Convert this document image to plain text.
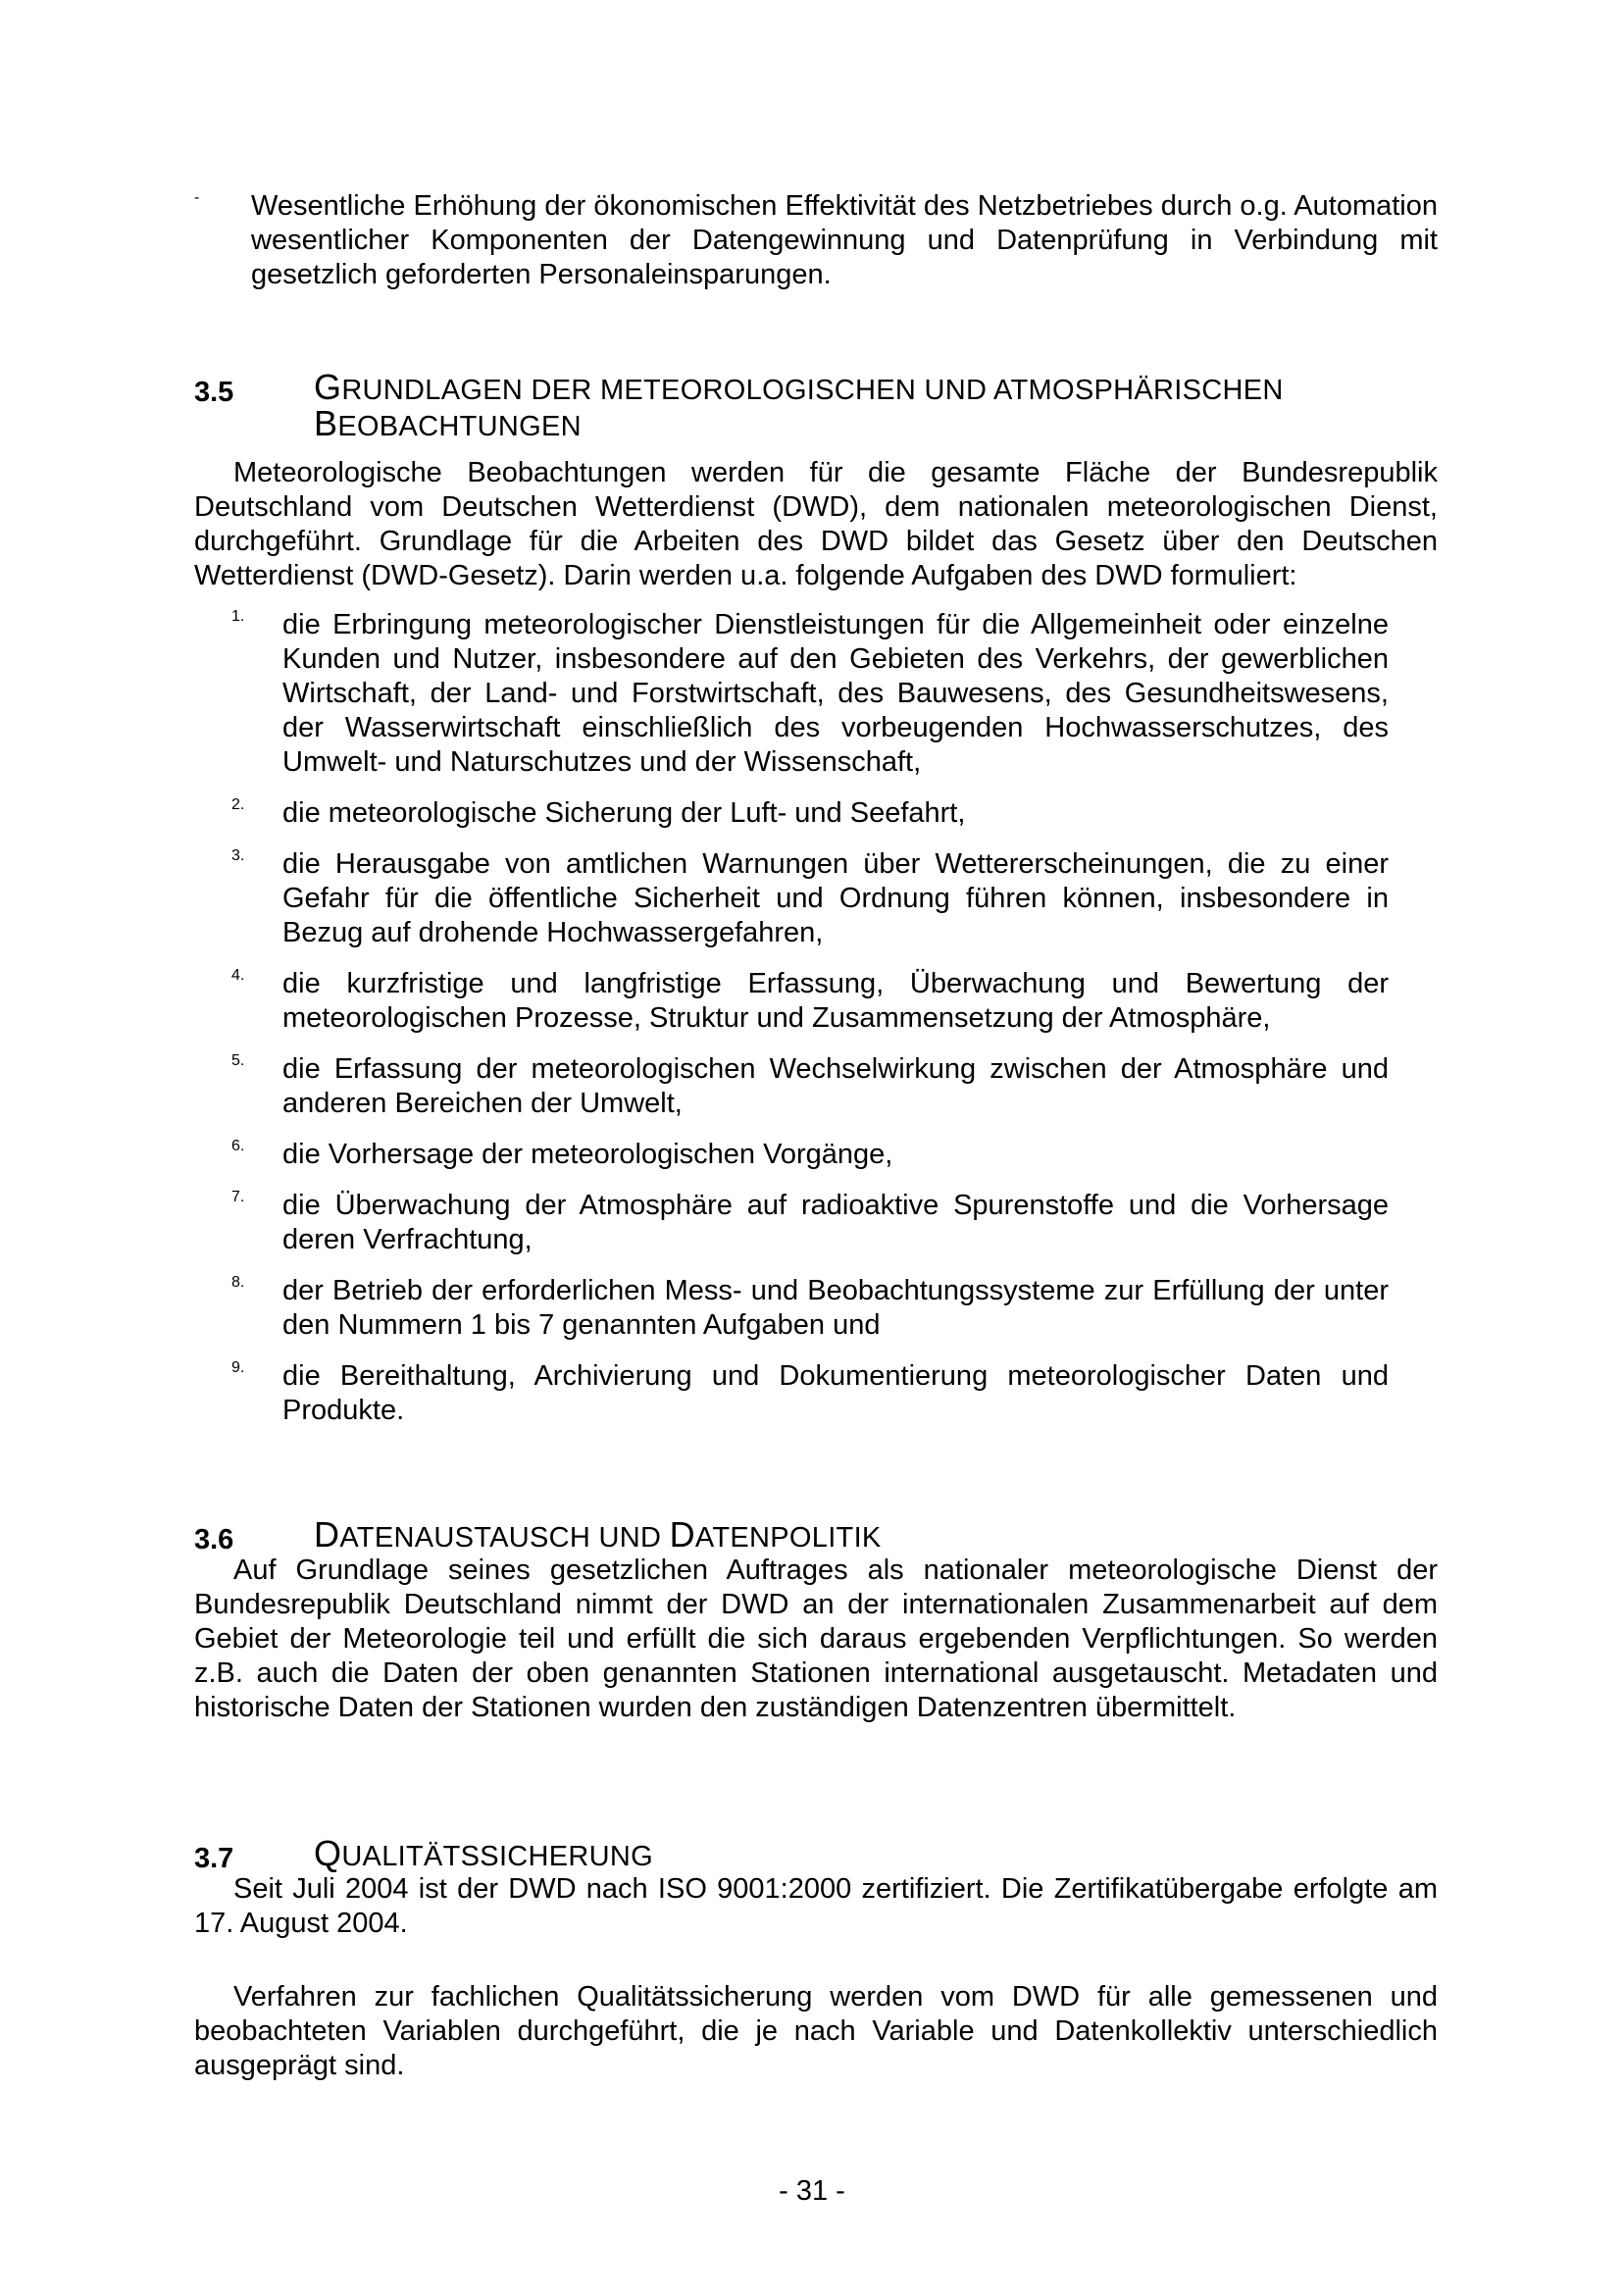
- Wesentliche Erhöhung der ökonomischen Effektivität des Netzbetriebes durch o.g. Automation wesentlicher Komponenten der Datengewinnung und Datenprüfung in Verbindung mit gesetzlich geforderten Personaleinsparungen.
3.5 GRUNDLAGEN DER METEOROLOGISCHEN UND ATMOSPHÄRISCHEN
BEOBACHTUNGEN
Meteorologische Beobachtungen werden für die gesamte Fläche der Bundesrepublik Deutschland vom Deutschen Wetterdienst (DWD), dem nationalen meteorologischen Dienst, durchgeführt. Grundlage für die Arbeiten des DWD bildet das Gesetz über den Deutschen Wetterdienst (DWD-Gesetz). Darin werden u.a. folgende Aufgaben des DWD formuliert:
1.	die Erbringung meteorologischer Dienstleistungen für die Allgemeinheit oder einzelne Kunden und Nutzer, insbesondere auf den Gebieten des Verkehrs, der gewerblichen Wirtschaft, der Land- und Forstwirtschaft, des Bauwesens, des Gesundheitswesens, der Wasserwirtschaft einschließlich des vorbeugenden Hochwasserschutzes, des Umwelt- und Naturschutzes und der Wissenschaft,
2.	die meteorologische Sicherung der Luft- und Seefahrt,
3.	die Herausgabe von amtlichen Warnungen über Wettererscheinungen, die zu einer Gefahr für die öffentliche Sicherheit und Ordnung führen können, insbesondere in Bezug auf drohende Hochwassergefahren,
4.	die kurzfristige und langfristige Erfassung, Überwachung und Bewertung der meteorologischen Prozesse, Struktur und Zusammensetzung der Atmosphäre,
5.	die Erfassung der meteorologischen Wechselwirkung zwischen der Atmosphäre und anderen Bereichen der Umwelt,
6.	die Vorhersage der meteorologischen Vorgänge,
7.	die Überwachung der Atmosphäre auf radioaktive Spurenstoffe und die Vorhersage deren Verfrachtung,
8.	der Betrieb der erforderlichen Mess- und Beobachtungssysteme zur Erfüllung der unter den Nummern 1 bis 7 genannten Aufgaben und
9.	die Bereithaltung, Archivierung und Dokumentierung meteorologischer Daten und Produkte.
3.6 DATENAUSTAUSCH UND DATENPOLITIK
Auf Grundlage seines gesetzlichen Auftrages als nationaler meteorologische Dienst der Bundesrepublik Deutschland nimmt der DWD an der internationalen Zusammenarbeit auf dem Gebiet der Meteorologie teil und erfüllt die sich daraus ergebenden Verpflichtungen. So werden z.B. auch die Daten der oben genannten Stationen international ausgetauscht. Metadaten und historische Daten der Stationen wurden den zuständigen Datenzentren übermittelt.
3.7 QUALITÄTSSICHERUNG
Seit Juli 2004 ist der DWD nach ISO 9001:2000 zertifiziert. Die Zertifikatübergabe erfolgte am 17. August 2004.
Verfahren zur fachlichen Qualitätssicherung werden vom DWD für alle gemessenen und beobachteten Variablen durchgeführt, die je nach Variable und Datenkollektiv unterschiedlich ausgeprägt sind.
- 31 -
